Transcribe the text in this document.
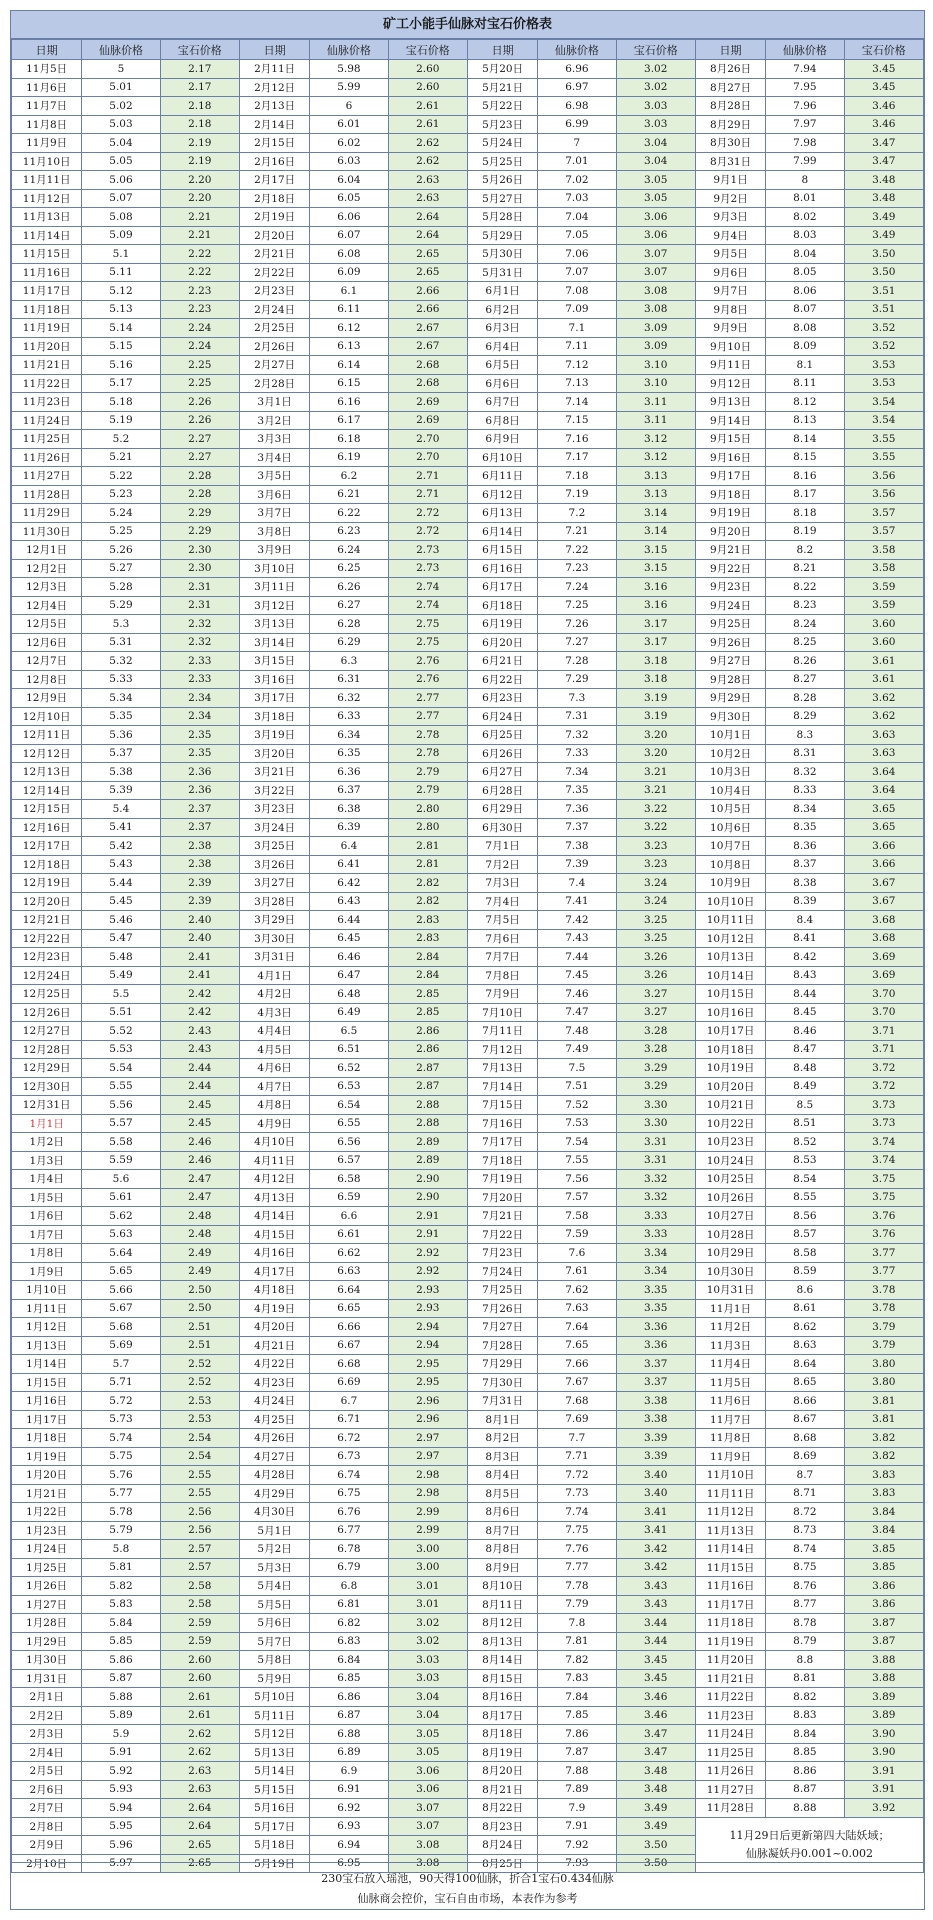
矿工小能手仙脉对宝石价格表
日期	仙脉价格	宝石价格	日期	仙脉价格	宝石价格	日期	仙脉价格	宝石价格	日期	仙脉价格	宝石价格
11月5日	5	2.17	2月11日	5.98	2.60	5月20日	6.96	3.02	8月26日	7.94	3.45
11月6日	5.01	2.17	2月12日	5.99	2.60	5月21日	6.97	3.02	8月27日	7.95	3.45
11月7日	5.02	2.18	2月13日	6	2.61	5月22日	6.98	3.03	8月28日	7.96	3.46
11月8日	5.03	2.18	2月14日	6.01	2.61	5月23日	6.99	3.03	8月29日	7.97	3.46
11月9日	5.04	2.19	2月15日	6.02	2.62	5月24日	7	3.04	8月30日	7.98	3.47
11月10日	5.05	2.19	2月16日	6.03	2.62	5月25日	7.01	3.04	8月31日	7.99	3.47
11月11日	5.06	2.20	2月17日	6.04	2.63	5月26日	7.02	3.05	9月1日	8	3.48
11月12日	5.07	2.20	2月18日	6.05	2.63	5月27日	7.03	3.05	9月2日	8.01	3.48
11月13日	5.08	2.21	2月19日	6.06	2.64	5月28日	7.04	3.06	9月3日	8.02	3.49
11月14日	5.09	2.21	2月20日	6.07	2.64	5月29日	7.05	3.06	9月4日	8.03	3.49
11月15日	5.1	2.22	2月21日	6.08	2.65	5月30日	7.06	3.07	9月5日	8.04	3.50
11月16日	5.11	2.22	2月22日	6.09	2.65	5月31日	7.07	3.07	9月6日	8.05	3.50
11月17日	5.12	2.23	2月23日	6.1	2.66	6月1日	7.08	3.08	9月7日	8.06	3.51
11月18日	5.13	2.23	2月24日	6.11	2.66	6月2日	7.09	3.08	9月8日	8.07	3.51
11月19日	5.14	2.24	2月25日	6.12	2.67	6月3日	7.1	3.09	9月9日	8.08	3.52
11月20日	5.15	2.24	2月26日	6.13	2.67	6月4日	7.11	3.09	9月10日	8.09	3.52
11月21日	5.16	2.25	2月27日	6.14	2.68	6月5日	7.12	3.10	9月11日	8.1	3.53
11月22日	5.17	2.25	2月28日	6.15	2.68	6月6日	7.13	3.10	9月12日	8.11	3.53
11月23日	5.18	2.26	3月1日	6.16	2.69	6月7日	7.14	3.11	9月13日	8.12	3.54
11月24日	5.19	2.26	3月2日	6.17	2.69	6月8日	7.15	3.11	9月14日	8.13	3.54
11月25日	5.2	2.27	3月3日	6.18	2.70	6月9日	7.16	3.12	9月15日	8.14	3.55
11月26日	5.21	2.27	3月4日	6.19	2.70	6月10日	7.17	3.12	9月16日	8.15	3.55
11月27日	5.22	2.28	3月5日	6.2	2.71	6月11日	7.18	3.13	9月17日	8.16	3.56
11月28日	5.23	2.28	3月6日	6.21	2.71	6月12日	7.19	3.13	9月18日	8.17	3.56
11月29日	5.24	2.29	3月7日	6.22	2.72	6月13日	7.2	3.14	9月19日	8.18	3.57
11月30日	5.25	2.29	3月8日	6.23	2.72	6月14日	7.21	3.14	9月20日	8.19	3.57
12月1日	5.26	2.30	3月9日	6.24	2.73	6月15日	7.22	3.15	9月21日	8.2	3.58
12月2日	5.27	2.30	3月10日	6.25	2.73	6月16日	7.23	3.15	9月22日	8.21	3.58
12月3日	5.28	2.31	3月11日	6.26	2.74	6月17日	7.24	3.16	9月23日	8.22	3.59
12月4日	5.29	2.31	3月12日	6.27	2.74	6月18日	7.25	3.16	9月24日	8.23	3.59
12月5日	5.3	2.32	3月13日	6.28	2.75	6月19日	7.26	3.17	9月25日	8.24	3.60
12月6日	5.31	2.32	3月14日	6.29	2.75	6月20日	7.27	3.17	9月26日	8.25	3.60
12月7日	5.32	2.33	3月15日	6.3	2.76	6月21日	7.28	3.18	9月27日	8.26	3.61
12月8日	5.33	2.33	3月16日	6.31	2.76	6月22日	7.29	3.18	9月28日	8.27	3.61
12月9日	5.34	2.34	3月17日	6.32	2.77	6月23日	7.3	3.19	9月29日	8.28	3.62
12月10日	5.35	2.34	3月18日	6.33	2.77	6月24日	7.31	3.19	9月30日	8.29	3.62
12月11日	5.36	2.35	3月19日	6.34	2.78	6月25日	7.32	3.20	10月1日	8.3	3.63
12月12日	5.37	2.35	3月20日	6.35	2.78	6月26日	7.33	3.20	10月2日	8.31	3.63
12月13日	5.38	2.36	3月21日	6.36	2.79	6月27日	7.34	3.21	10月3日	8.32	3.64
12月14日	5.39	2.36	3月22日	6.37	2.79	6月28日	7.35	3.21	10月4日	8.33	3.64
12月15日	5.4	2.37	3月23日	6.38	2.80	6月29日	7.36	3.22	10月5日	8.34	3.65
12月16日	5.41	2.37	3月24日	6.39	2.80	6月30日	7.37	3.22	10月6日	8.35	3.65
12月17日	5.42	2.38	3月25日	6.4	2.81	7月1日	7.38	3.23	10月7日	8.36	3.66
12月18日	5.43	2.38	3月26日	6.41	2.81	7月2日	7.39	3.23	10月8日	8.37	3.66
12月19日	5.44	2.39	3月27日	6.42	2.82	7月3日	7.4	3.24	10月9日	8.38	3.67
12月20日	5.45	2.39	3月28日	6.43	2.82	7月4日	7.41	3.24	10月10日	8.39	3.67
12月21日	5.46	2.40	3月29日	6.44	2.83	7月5日	7.42	3.25	10月11日	8.4	3.68
12月22日	5.47	2.40	3月30日	6.45	2.83	7月6日	7.43	3.25	10月12日	8.41	3.68
12月23日	5.48	2.41	3月31日	6.46	2.84	7月7日	7.44	3.26	10月13日	8.42	3.69
12月24日	5.49	2.41	4月1日	6.47	2.84	7月8日	7.45	3.26	10月14日	8.43	3.69
12月25日	5.5	2.42	4月2日	6.48	2.85	7月9日	7.46	3.27	10月15日	8.44	3.70
12月26日	5.51	2.42	4月3日	6.49	2.85	7月10日	7.47	3.27	10月16日	8.45	3.70
12月27日	5.52	2.43	4月4日	6.5	2.86	7月11日	7.48	3.28	10月17日	8.46	3.71
12月28日	5.53	2.43	4月5日	6.51	2.86	7月12日	7.49	3.28	10月18日	8.47	3.71
12月29日	5.54	2.44	4月6日	6.52	2.87	7月13日	7.5	3.29	10月19日	8.48	3.72
12月30日	5.55	2.44	4月7日	6.53	2.87	7月14日	7.51	3.29	10月20日	8.49	3.72
12月31日	5.56	2.45	4月8日	6.54	2.88	7月15日	7.52	3.30	10月21日	8.5	3.73
1月1日	5.57	2.45	4月9日	6.55	2.88	7月16日	7.53	3.30	10月22日	8.51	3.73
1月2日	5.58	2.46	4月10日	6.56	2.89	7月17日	7.54	3.31	10月23日	8.52	3.74
1月3日	5.59	2.46	4月11日	6.57	2.89	7月18日	7.55	3.31	10月24日	8.53	3.74
1月4日	5.6	2.47	4月12日	6.58	2.90	7月19日	7.56	3.32	10月25日	8.54	3.75
1月5日	5.61	2.47	4月13日	6.59	2.90	7月20日	7.57	3.32	10月26日	8.55	3.75
1月6日	5.62	2.48	4月14日	6.6	2.91	7月21日	7.58	3.33	10月27日	8.56	3.76
1月7日	5.63	2.48	4月15日	6.61	2.91	7月22日	7.59	3.33	10月28日	8.57	3.76
1月8日	5.64	2.49	4月16日	6.62	2.92	7月23日	7.6	3.34	10月29日	8.58	3.77
1月9日	5.65	2.49	4月17日	6.63	2.92	7月24日	7.61	3.34	10月30日	8.59	3.77
1月10日	5.66	2.50	4月18日	6.64	2.93	7月25日	7.62	3.35	10月31日	8.6	3.78
1月11日	5.67	2.50	4月19日	6.65	2.93	7月26日	7.63	3.35	11月1日	8.61	3.78
1月12日	5.68	2.51	4月20日	6.66	2.94	7月27日	7.64	3.36	11月2日	8.62	3.79
1月13日	5.69	2.51	4月21日	6.67	2.94	7月28日	7.65	3.36	11月3日	8.63	3.79
1月14日	5.7	2.52	4月22日	6.68	2.95	7月29日	7.66	3.37	11月4日	8.64	3.80
1月15日	5.71	2.52	4月23日	6.69	2.95	7月30日	7.67	3.37	11月5日	8.65	3.80
1月16日	5.72	2.53	4月24日	6.7	2.96	7月31日	7.68	3.38	11月6日	8.66	3.81
1月17日	5.73	2.53	4月25日	6.71	2.96	8月1日	7.69	3.38	11月7日	8.67	3.81
1月18日	5.74	2.54	4月26日	6.72	2.97	8月2日	7.7	3.39	11月8日	8.68	3.82
1月19日	5.75	2.54	4月27日	6.73	2.97	8月3日	7.71	3.39	11月9日	8.69	3.82
1月20日	5.76	2.55	4月28日	6.74	2.98	8月4日	7.72	3.40	11月10日	8.7	3.83
1月21日	5.77	2.55	4月29日	6.75	2.98	8月5日	7.73	3.40	11月11日	8.71	3.83
1月22日	5.78	2.56	4月30日	6.76	2.99	8月6日	7.74	3.41	11月12日	8.72	3.84
1月23日	5.79	2.56	5月1日	6.77	2.99	8月7日	7.75	3.41	11月13日	8.73	3.84
1月24日	5.8	2.57	5月2日	6.78	3.00	8月8日	7.76	3.42	11月14日	8.74	3.85
1月25日	5.81	2.57	5月3日	6.79	3.00	8月9日	7.77	3.42	11月15日	8.75	3.85
1月26日	5.82	2.58	5月4日	6.8	3.01	8月10日	7.78	3.43	11月16日	8.76	3.86
1月27日	5.83	2.58	5月5日	6.81	3.01	8月11日	7.79	3.43	11月17日	8.77	3.86
1月28日	5.84	2.59	5月6日	6.82	3.02	8月12日	7.8	3.44	11月18日	8.78	3.87
1月29日	5.85	2.59	5月7日	6.83	3.02	8月13日	7.81	3.44	11月19日	8.79	3.87
1月30日	5.86	2.60	5月8日	6.84	3.03	8月14日	7.82	3.45	11月20日	8.8	3.88
1月31日	5.87	2.60	5月9日	6.85	3.03	8月15日	7.83	3.45	11月21日	8.81	3.88
2月1日	5.88	2.61	5月10日	6.86	3.04	8月16日	7.84	3.46	11月22日	8.82	3.89
2月2日	5.89	2.61	5月11日	6.87	3.04	8月17日	7.85	3.46	11月23日	8.83	3.89
2月3日	5.9	2.62	5月12日	6.88	3.05	8月18日	7.86	3.47	11月24日	8.84	3.90
2月4日	5.91	2.62	5月13日	6.89	3.05	8月19日	7.87	3.47	11月25日	8.85	3.90
2月5日	5.92	2.63	5月14日	6.9	3.06	8月20日	7.88	3.48	11月26日	8.86	3.91
2月6日	5.93	2.63	5月15日	6.91	3.06	8月21日	7.89	3.48	11月27日	8.87	3.91
2月7日	5.94	2.64	5月16日	6.92	3.07	8月22日	7.9	3.49	11月28日	8.88	3.92
2月8日	5.95	2.64	5月17日	6.93	3.07	8月23日	7.91	3.49	11月29日后更新第四大陆妖域；
仙脉凝妖丹0.001~0.002		

2月9日	5.96	2.65	5月18日	6.94	3.08	8月24日	7.92	3.50			
2月10日	5.97	2.65	5月19日	6.95	3.08	8月25日	7.93	3.50			
230宝石放入瑶池，90天得100仙脉，折合1宝石0.434仙脉
仙脉商会控价，宝石自由市场，本表作为参考
